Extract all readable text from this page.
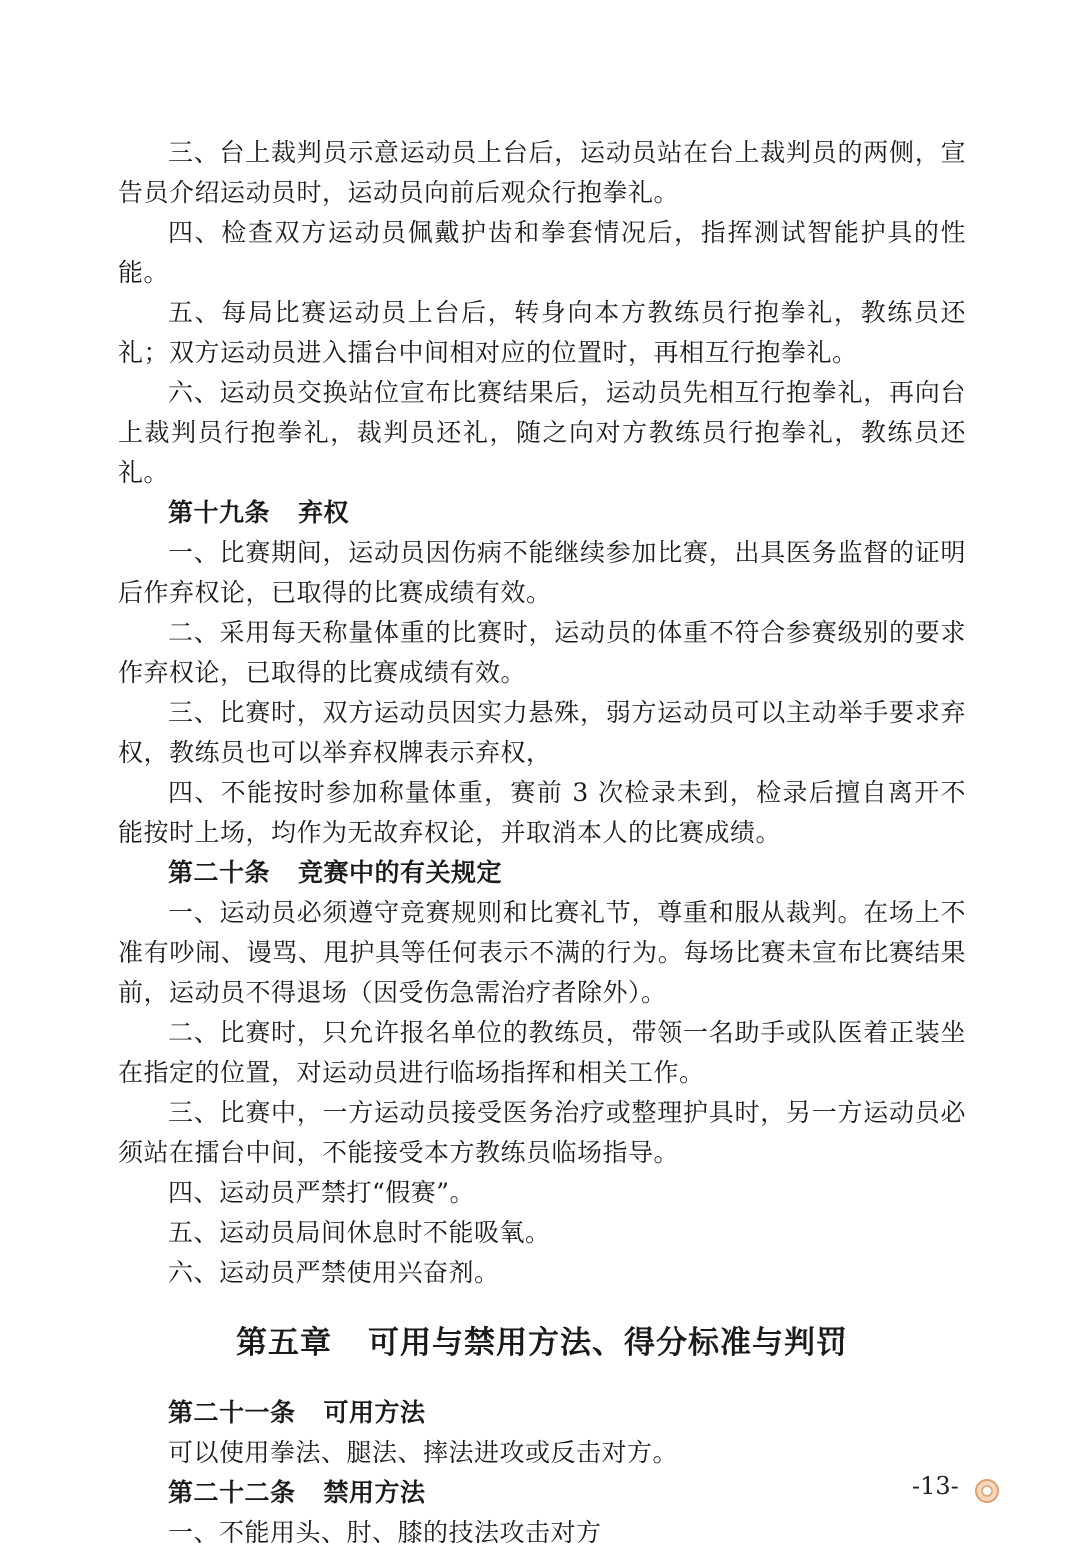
三、台上裁判员示意运动员上台后，运动员站在台上裁判员的两侧，宣告员介绍运动员时，运动员向前后观众行抱拳礼。

四、检查双方运动员佩戴护齿和拳套情况后，指挥测试智能护具的性能。

五、每局比赛运动员上台后，转身向本方教练员行抱拳礼，教练员还礼；双方运动员进入擂台中间相对应的位置时，再相互行抱拳礼。

六、运动员交换站位宣布比赛结果后，运动员先相互行抱拳礼，再向台上裁判员行抱拳礼，裁判员还礼，随之向对方教练员行抱拳礼，教练员还礼。

第十九条 弃权

一、比赛期间，运动员因伤病不能继续参加比赛，出具医务监督的证明后作弃权论，已取得的比赛成绩有效。

二、采用每天称量体重的比赛时，运动员的体重不符合参赛级别的要求作弃权论，已取得的比赛成绩有效。

三、比赛时，双方运动员因实力悬殊，弱方运动员可以主动举手要求弃权，教练员也可以举弃权牌表示弃权，

四、不能按时参加称量体重，赛前 3 次检录未到，检录后擅自离开不能按时上场，均作为无故弃权论，并取消本人的比赛成绩。

第二十条 竞赛中的有关规定

一、运动员必须遵守竞赛规则和比赛礼节，尊重和服从裁判。在场上不准有吵闹、谩骂、甩护具等任何表示不满的行为。每场比赛未宣布比赛结果前，运动员不得退场（因受伤急需治疗者除外）。

二、比赛时，只允许报名单位的教练员，带领一名助手或队医着正装坐在指定的位置，对运动员进行临场指挥和相关工作。

三、比赛中，一方运动员接受医务治疗或整理护具时，另一方运动员必须站在擂台中间，不能接受本方教练员临场指导。

四、运动员严禁打“假赛”。

五、运动员局间休息时不能吸氧。

六、运动员严禁使用兴奋剂。

第五章 可用与禁用方法、得分标准与判罚

第二十一条 可用方法

可以使用拳法、腿法、摔法进攻或反击对方。

第二十二条 禁用方法

一、不能用头、肘、膝的技法攻击对方

-13-
